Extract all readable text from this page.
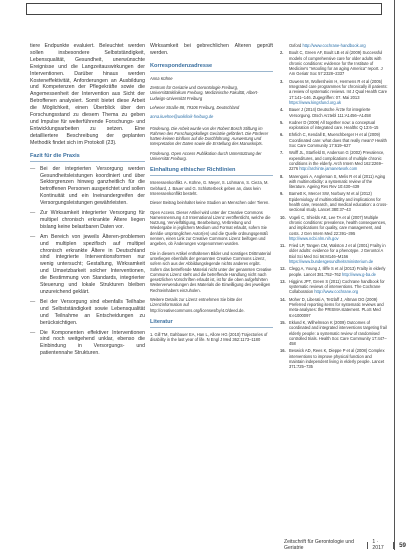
tiere Endpunkte evaluiert. Beleuchtet werden sollen insbesondere Selbstständigkeit, Lebensqualität, Gesundheit, unerwünschte Ereignisse und die Langzeitauswirkungen der Interventionen. Darüber hinaus werden Kosteneffektivität, Anforderungen an Ausbildung und Kompetenzen der Pflegekräfte sowie die Angemessenheit der Intervention aus Sicht der Betroffenen analysiert. Somit bietet diese Arbeit die Möglichkeit, einen Überblick über den Forschungsstand zu diesem Thema zu geben und Impulse für weiterführende Forschungs- und Entwicklungsarbeiten zu setzen. Eine detailliertere Beschreibung der geplanten Methodik findet sich im Protokoll (23).

Fazit für die Praxis
— Bei der integrierten Versorgung werden Gesundheitsleistungen koordiniert und über Sektorgrenzen hinweg ganzheitlich für die betroffenen Personen ausgerichtet und sollen Kontinuität und ein Ineinandergreifen der Versorgungsleistungen gewährleisten.
— Zur Wirksamkeit integrierter Versorgung für multipel chronisch erkrankte Ältere liegen bislang keine belastbaren Daten vor.
— Am Bereich von jeweils Älteren-problemen und multiplen spezifisch auf multipel chronisch erkrankte Ältere in Deutschland sind integrierte Interventionsformen nur wenig untersucht; Gestaltung, Wirksamkeit und Umsetzbarkeit solcher Interventionen, die Bestimmung von Standards, integrierter Steuerung und lokale Strukturen bleiben unzureichend geklärt.
— Bei der Versorgung sind ebenfalls Teilhabe und Selbstständigkeit sowie Lebensqualität und Teilnahme an Entscheidungen zu berücksichtigen.
— Die Komponenten effektiver Interventionen sind noch weitgehend unklar, ebenso die Einbindung in Versorgungs- und patientennahe Strukturen.

Wirksamkeit bei gebrechlichen Älteren geprüft werden.

Korrespondenzadresse

Anna Kühne

Zentrum für Geriatrie und Gerontologie Freiburg, Universitätsklinikum Freiburg, Medizinische Fakultät, Albert-Ludwigs-Universität Freiburg

Lehener Straße 88, 79106 Freiburg, Deutschland

anna.kuehne@uniklinik-freiburg.de

Förderung. Die Arbeit wurde von der Robert Bosch Stiftung im Rahmen des Forschungskollegs Geriatrie gefördert. Die Förderer hatten keinen Einfluss auf die Durchführung, Auswertung und Interpretation der Daten sowie die Erstellung des Manuskripts.

Förderung. Open Access Publikation durch Unterstützung der Universität Freiburg.

Einhaltung ethischer Richtlinien

Interessenkonflikt. A. Kühne, G. Meyer, S. Lühmann, S. Cieza, M. Gebhard, J. Bauer und G. Schlotterbeck geben an, dass kein Interessenkonflikt besteht.

Dieser Beitrag beinhaltet keine Studien an Menschen oder Tieren.

Open Access. Dieser Artikel wird unter der Creative Commons Namensnennung 4.0 International Lizenz veröffentlicht, welche die Nutzung, Vervielfältigung, Bearbeitung, Verbreitung und Wiedergabe in jeglichem Medium und Format erlaubt, sofern Sie den/die ursprünglichen Autor(en) und die Quelle ordnungsgemäß nennen, einen Link zur Creative Commons Lizenz beifügen und angeben, ob Änderungen vorgenommen wurden.

Die in diesem Artikel enthaltenen Bilder und sonstiges Drittmaterial unterliegen ebenfalls der genannten Creative Commons Lizenz, sofern sich aus der Abbildungslegende nichts anderes ergibt. Sofern das betreffende Material nicht unter der genannten Creative Commons Lizenz steht und die betreffende Handlung nicht nach gesetzlichen Vorschriften erlaubt ist, ist für die oben aufgeführten Weiterverwendungen des Materials die Einwilligung des jeweiligen Rechteinhabers einzuholen.

Weitere Details zur Lizenz entnehmen Sie bitte der Lizenzinformation auf http://creativecommons.org/licenses/by/4.0/deed.de.

Literatur

1. Gill TM, Gahbauer EA, Han L, Allore HG (2010) Trajectories of disability in the last year of life. N Engl J Med 362:1173–1180

Oxford http://www.cochrane-handbook.org
2. Boult C, Green AF, Boult LB et al (2009) Successful models of comprehensive care for older adults with chronic conditions: evidence for the Institute of Medicine's “retooling for an aging America” report. J Am Geriatr Soc 57:2328–2337
3. Ouwens M, Wollersheim H, Hermens R et al (2005) Integrated care programmes for chronically ill patients: a review of systematic reviews. Int J Qual Health Care 17:141–146. Zugegriffen: 07. Mai 2013 https://www.kingsfund.org.uk
4. Bauer J (2014) Deutsche Ärzte für integrierte Versorgung. Dtsch Arztebl 111:A1456–A1458
5. Kodner D (2009) All together now: a conceptual exploration of integrated care. Healthc Q 13:6–15
6. Ehrlich C, Kendall E, Muenchberger H et al (2009) Coordinated care: what does that really mean? Health Soc Care Community 17:619–627
7. Wolff JL, Starfield B, Anderson G (2002) Prevalence, expenditures, and complications of multiple chronic conditions in the elderly. Arch Intern Med 162:2269–2276 http://archinte.jamanetwork.com
8. Marengoni A, Angleman S, Melis R et al (2011) Aging with multimorbidity: a systematic review of the literature. Ageing Res Rev 10:430–439
9. Barnett K, Mercer SW, Norbury M et al (2012) Epidemiology of multimorbidity and implications for health care, research, and medical education: a cross-sectional study. Lancet 380:37–43
10. Vogeli C, Shields AE, Lee TA et al (2007) Multiple chronic conditions: prevalence, health consequences, and implications for quality, care management, and costs. J Gen Intern Med 22:391–395 http://www.ncbi.nlm.nih.gov
11. Fried LP, Tangen CM, Walston J et al (2001) Frailty in older adults: evidence for a phenotype. J Gerontol A Biol Sci Med Sci 56:M146–M156 https://www.bundesgesundheitsministerium.de
12. Clegg A, Young J, Iliffe S et al (2013) Frailty in elderly people. Lancet 381:752–762 http://www.g-ba.de
13. Higgins JPT, Green S (2011) Cochrane handbook for systematic reviews of interventions. The Cochrane Collaboration http://www.cochrane.org
14. Moher D, Liberati A, Tetzlaff J, Altman DG (2009) Preferred reporting items for systematic reviews and meta-analyses: the PRISMA statement. PLoS Med 6:e1000097
15. Eklund K, Wilhelmson K (2009) Outcomes of coordinated and integrated interventions targeting frail elderly people: a systematic review of randomised controlled trials. Health Soc Care Community 17:447–458
16. Beswick AD, Rees K, Dieppe P et al (2008) Complex interventions to improve physical function and maintain independent living in elderly people. Lancet 371:725–735
Zeitschrift für Gerontologie und Geriatrie
1 · 2017	59
